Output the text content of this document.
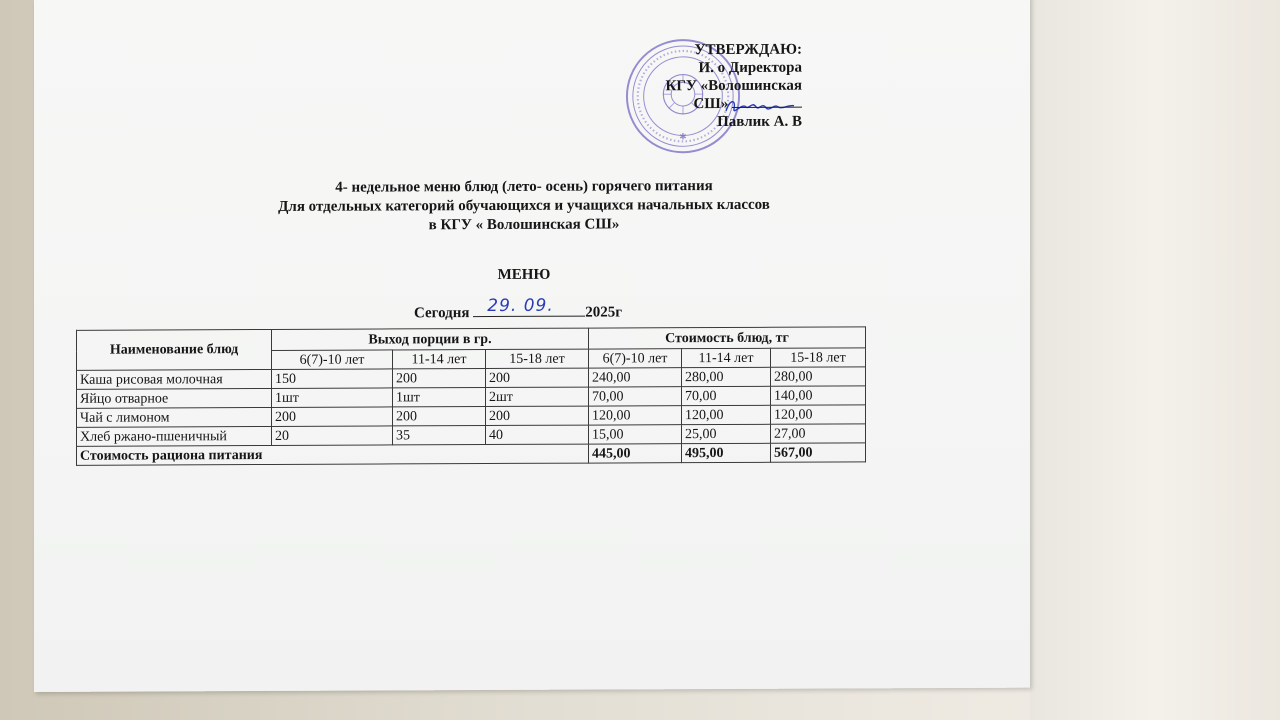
✱
УТВЕРЖДАЮ:
И. о Директора
КГУ «Волошинская
СШ»
Павлик А. В
4- недельное меню блюд (лето- осень) горячего питания
Для отдельных категорий обучающихся и учащихся начальных классов
в КГУ « Волошинская СШ»
МЕНЮ
Сегодня 29. 09. 2025г
Наименование блюд	Выход порции в гр.			Стоимость блюд, тг		
	6(7)-10 лет	11-14 лет	15-18 лет	6(7)-10 лет	11-14 лет	15-18 лет
Каша рисовая молочная	150	200	200	240,00	280,00	280,00
Яйцо отварное	1шт	1шт	2шт	70,00	70,00	140,00
Чай с лимоном	200	200	200	120,00	120,00	120,00
Хлеб ржано-пшеничный	20	35	40	15,00	25,00	27,00
Стоимость рациона питания				445,00	495,00	567,00
